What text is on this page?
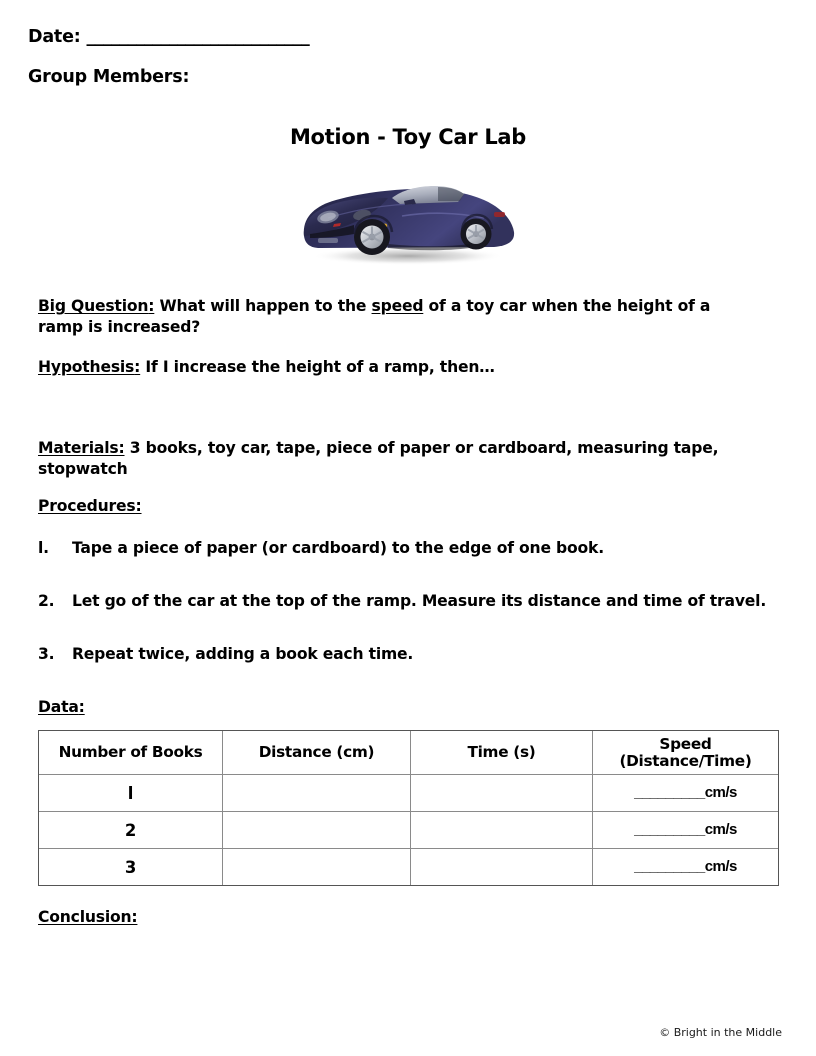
Date: ___________________________
Group Members:
Motion - Toy Car Lab
Big Question: What will happen to the speed of a toy car when the height of a ramp is increased?
Hypothesis: If I increase the height of a ramp, then…
Materials: 3 books, toy car, tape, piece of paper or cardboard, measuring tape, stopwatch
Procedures:
l. Tape a piece of paper (or cardboard) to the edge of one book.
2. Let go of the car at the top of the ramp. Measure its distance and time of travel.
3. Repeat twice, adding a book each time.
Data:
Number of Books	Distance (cm)	Time (s)	Speed
(Distance/Time)
l			_________cm/s
2			_________cm/s
3			_________cm/s
Conclusion:
© Bright in the Middle
